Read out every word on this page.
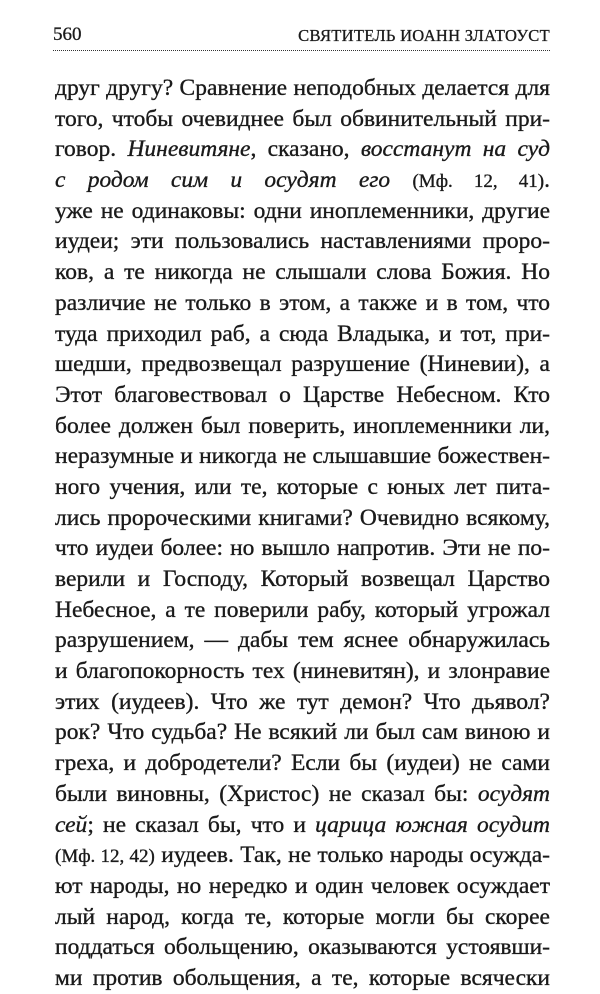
560	СВЯТИТЕЛЬ ИОАНН ЗЛАТОУСТ
друг другу? Сравнение неподобных делается для
того, чтобы очевиднее был обвинительный при-
говор. Ниневитяне, сказано, восстанут на суд
с родом сим и осудят его (Мф. 12, 41).
уже не одинаковы: одни иноплеменники, другие
иудеи; эти пользовались наставлениями проро-
ков, а те никогда не слышали слова Божия. Но
различие не только в этом, а также и в том, что
туда приходил раб, а сюда Владыка, и тот, при-
шедши, предвозвещал разрушение (Ниневии), а
Этот благовествовал о Царстве Небесном. Кто
более должен был поверить, иноплеменники ли,
неразумные и никогда не слышавшие божествен-
ного учения, или те, которые с юных лет пита-
лись пророческими книгами? Очевидно всякому,
что иудеи более: но вышло напротив. Эти не по-
верили и Господу, Который возвещал Царство
Небесное, а те поверили рабу, который угрожал
разрушением, — дабы тем яснее обнаружилась
и благопокорность тех (ниневитян), и злонравие
этих (иудеев). Что же тут демон? Что дьявол?
рок? Что судьба? Не всякий ли был сам виною и
греха, и добродетели? Если бы (иудеи) не сами
были виновны, (Христос) не сказал бы: осудят
сей; не сказал бы, что и царица южная осудит
(Мф. 12, 42) иудеев. Так, не только народы осужда-
ют народы, но нередко и один человек осуждает
лый народ, когда те, которые могли бы скорее
поддаться обольщению, оказываются устоявши-
ми против обольщения, а те, которые всячески
